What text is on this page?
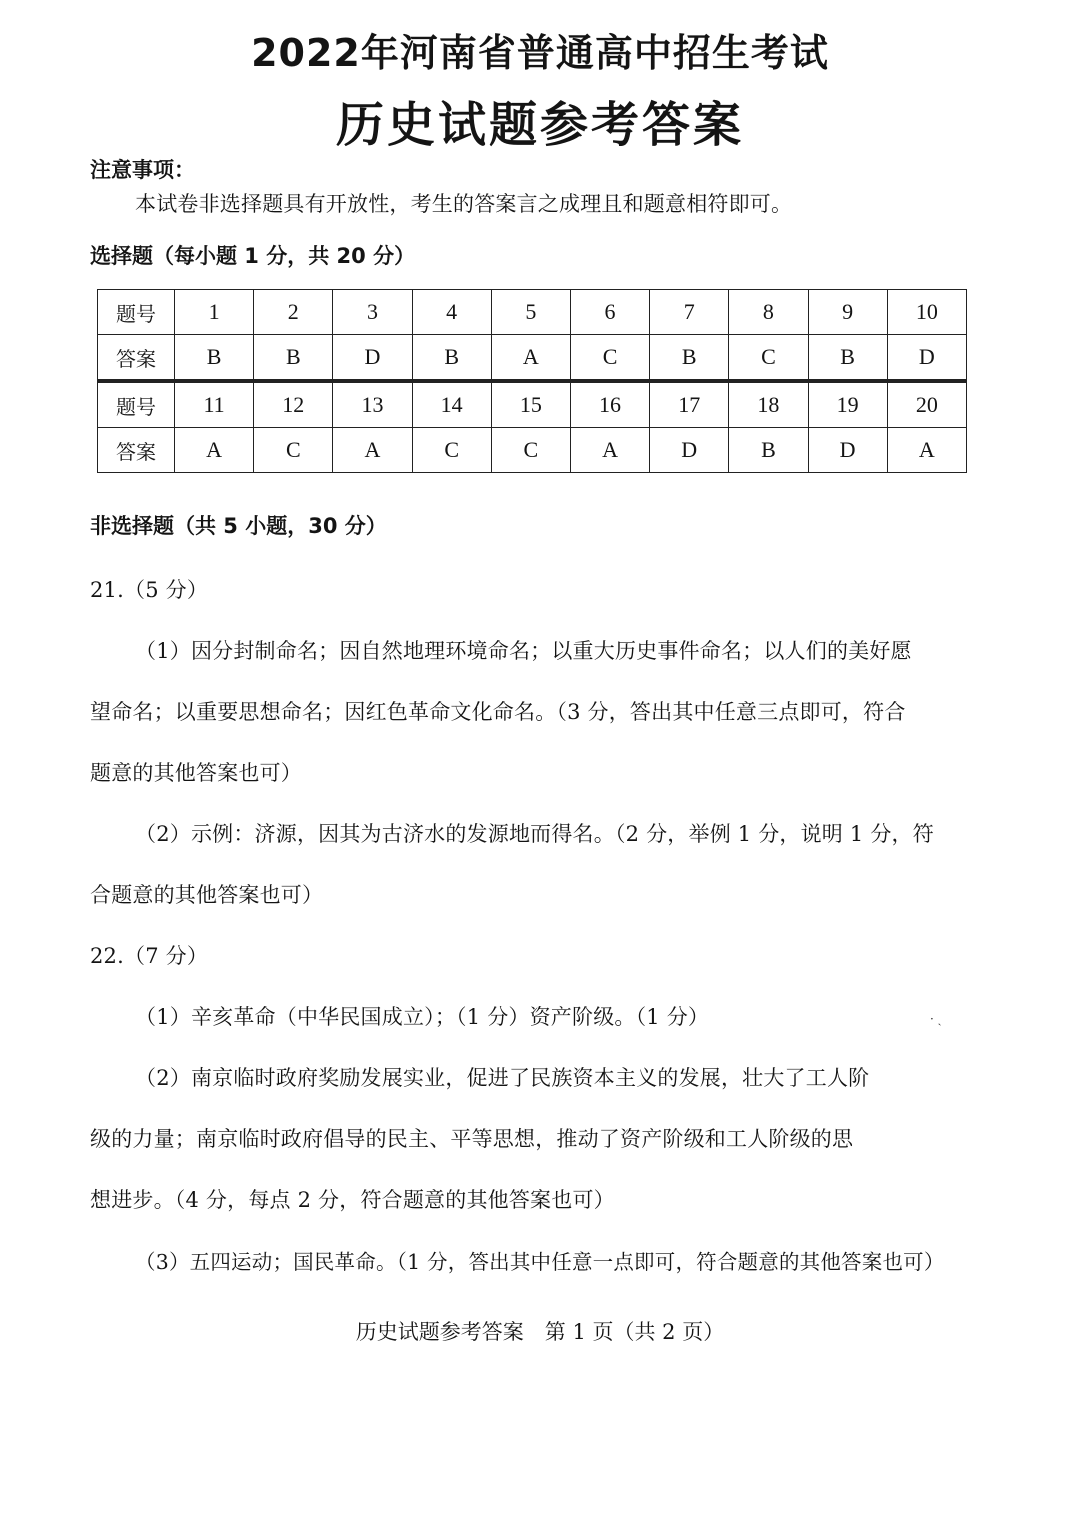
2022年河南省普通高中招生考试
历史试题参考答案

注意事项：

本试卷非选择题具有开放性，考生的答案言之成理且和题意相符即可。

选择题（每小题 1 分，共 20 分）

题号	1	2	3	4	5	6	7	8	9	10
答案	B	B	D	B	A	C	B	C	B	D
题号	11	12	13	14	15	16	17	18	19	20
答案	A	C	A	C	C	A	D	B	D	A

非选择题（共 5 小题，30 分）

21.（5 分）

（1）因分封制命名；因自然地理环境命名；以重大历史事件命名；以人们的美好愿

望命名；以重要思想命名；因红色革命文化命名。（3 分，答出其中任意三点即可，符合

题意的其他答案也可）

（2）示例：济源，因其为古济水的发源地而得名。（2 分，举例 1 分，说明 1 分，符

合题意的其他答案也可）

22.（7 分）

（1）辛亥革命（中华民国成立）；（1 分）资产阶级。（1 分）	· ˎ

（2）南京临时政府奖励发展实业，促进了民族资本主义的发展，壮大了工人阶

级的力量；南京临时政府倡导的民主、平等思想，推动了资产阶级和工人阶级的思

想进步。（4 分，每点 2 分，符合题意的其他答案也可）

（3）五四运动；国民革命。（1 分，答出其中任意一点即可，符合题意的其他答案也可）

历史试题参考答案　第 1 页（共 2 页）
